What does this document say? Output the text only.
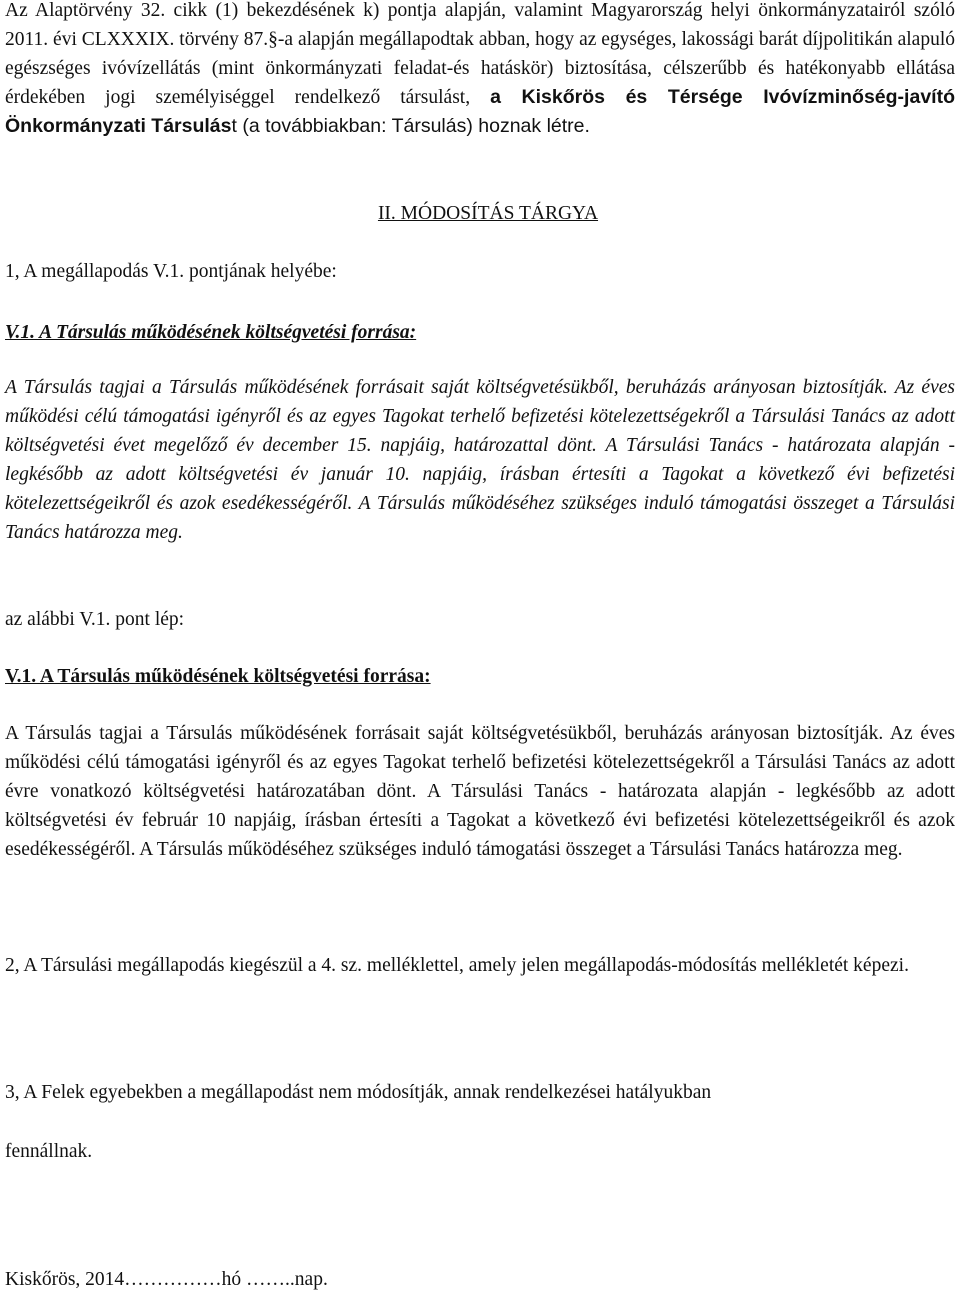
Az Alaptörvény 32. cikk (1) bekezdésének k) pontja alapján, valamint Magyarország helyi önkormányzatairól szóló 2011. évi CLXXXIX. törvény 87.§-a alapján megállapodtak abban, hogy az egységes, lakossági barát díjpolitikán alapuló egészséges ivóvízellátás (mint önkormányzati feladat-és hatáskör) biztosítása, célszerűbb és hatékonyabb ellátása érdekében jogi személyiséggel rendelkező társulást, a Kiskőrös és Térsége Ivóvízminőség-javító Önkormányzati Társulást (a továbbiakban: Társulás) hoznak létre.

II. MÓDOSÍTÁS TÁRGYA
1, A megállapodás V.1. pontjának helyébe:
V.1. A Társulás működésének költségvetési forrása:

A Társulás tagjai a Társulás működésének forrásait saját költségvetésükből, beruházás arányosan biztosítják. Az éves működési célú támogatási igényről és az egyes Tagokat terhelő befizetési kötelezettségekről a Társulási Tanács az adott költségvetési évet megelőző év december 15. napjáig, határozattal dönt. A Társulási Tanács - határozata alapján - legkésőbb az adott költségvetési év január 10. napjáig, írásban értesíti a Tagokat a következő évi befizetési kötelezettségeikről és azok esedékességéről. A Társulás működéséhez szükséges induló támogatási összeget a Társulási Tanács határozza meg.

az alábbi V.1. pont lép:
V.1. A Társulás működésének költségvetési forrása:

A Társulás tagjai a Társulás működésének forrásait saját költségvetésükből, beruházás arányosan biztosítják. Az éves működési célú támogatási igényről és az egyes Tagokat terhelő befizetési kötelezettségekről a Társulási Tanács az adott évre vonatkozó költségvetési határozatában dönt. A Társulási Tanács - határozata alapján - legkésőbb az adott költségvetési év február 10 napjáig, írásban értesíti a Tagokat a következő évi befizetési kötelezettségeikről és azok esedékességéről. A Társulás működéséhez szükséges induló támogatási összeget a Társulási Tanács határozza meg.

2, A Társulási megállapodás kiegészül a 4. sz. melléklettel, amely jelen megállapodás-módosítás mellékletét képezi.

3, A Felek egyebekben a megállapodást nem módosítják, annak rendelkezései hatályukban
fennállnak.
Kiskőrös, 2014……………hó ……..nap.
